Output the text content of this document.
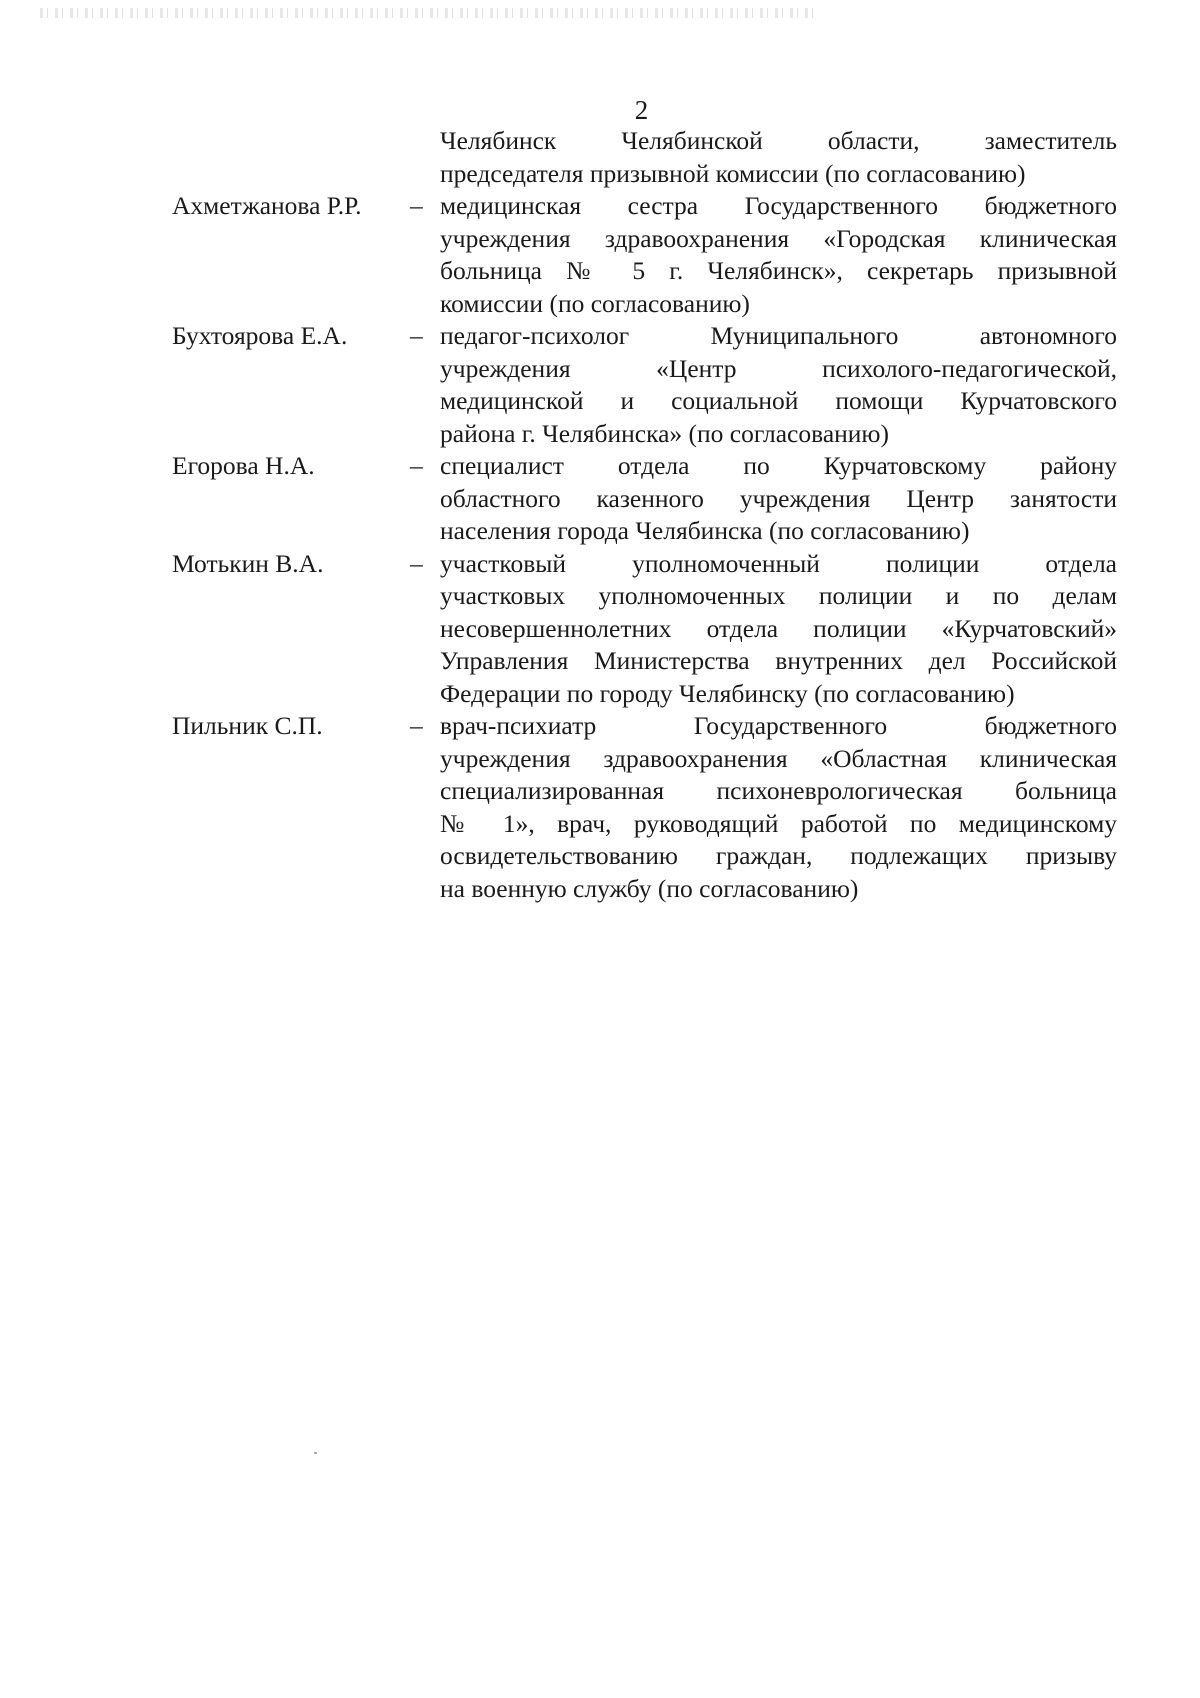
2
Челябинск Челябинской области, заместитель
председателя призывной комиссии (по согласованию)
Ахметжанова Р.Р. – медицинская сестра Государственного бюджетного
учреждения здравоохранения «Городская клиническая
больница № 5 г. Челябинск», секретарь призывной
комиссии (по согласованию)
Бухтоярова Е.А. – педагог-психолог Муниципального автономного
учреждения «Центр психолого-педагогической,
медицинской и социальной помощи Курчатовского
района г. Челябинска» (по согласованию)
Егорова Н.А.	– специалист отдела по Курчатовскому району
областного казенного учреждения Центр занятости
населения города Челябинска (по согласованию)
Мотькин В.А.	– участковый уполномоченный полиции отдела
участковых уполномоченных полиции и по делам
несовершеннолетних отдела полиции «Курчатовский»
Управления Министерства внутренних дел Российской
Федерации по городу Челябинску (по согласованию)
Пильник С.П.	– врач-психиатр Государственного бюджетного
учреждения здравоохранения «Областная клиническая
специализированная психоневрологическая больница
№ 1», врач, руководящий работой по медицинскому
освидетельствованию граждан, подлежащих призыву
на военную службу (по согласованию)
